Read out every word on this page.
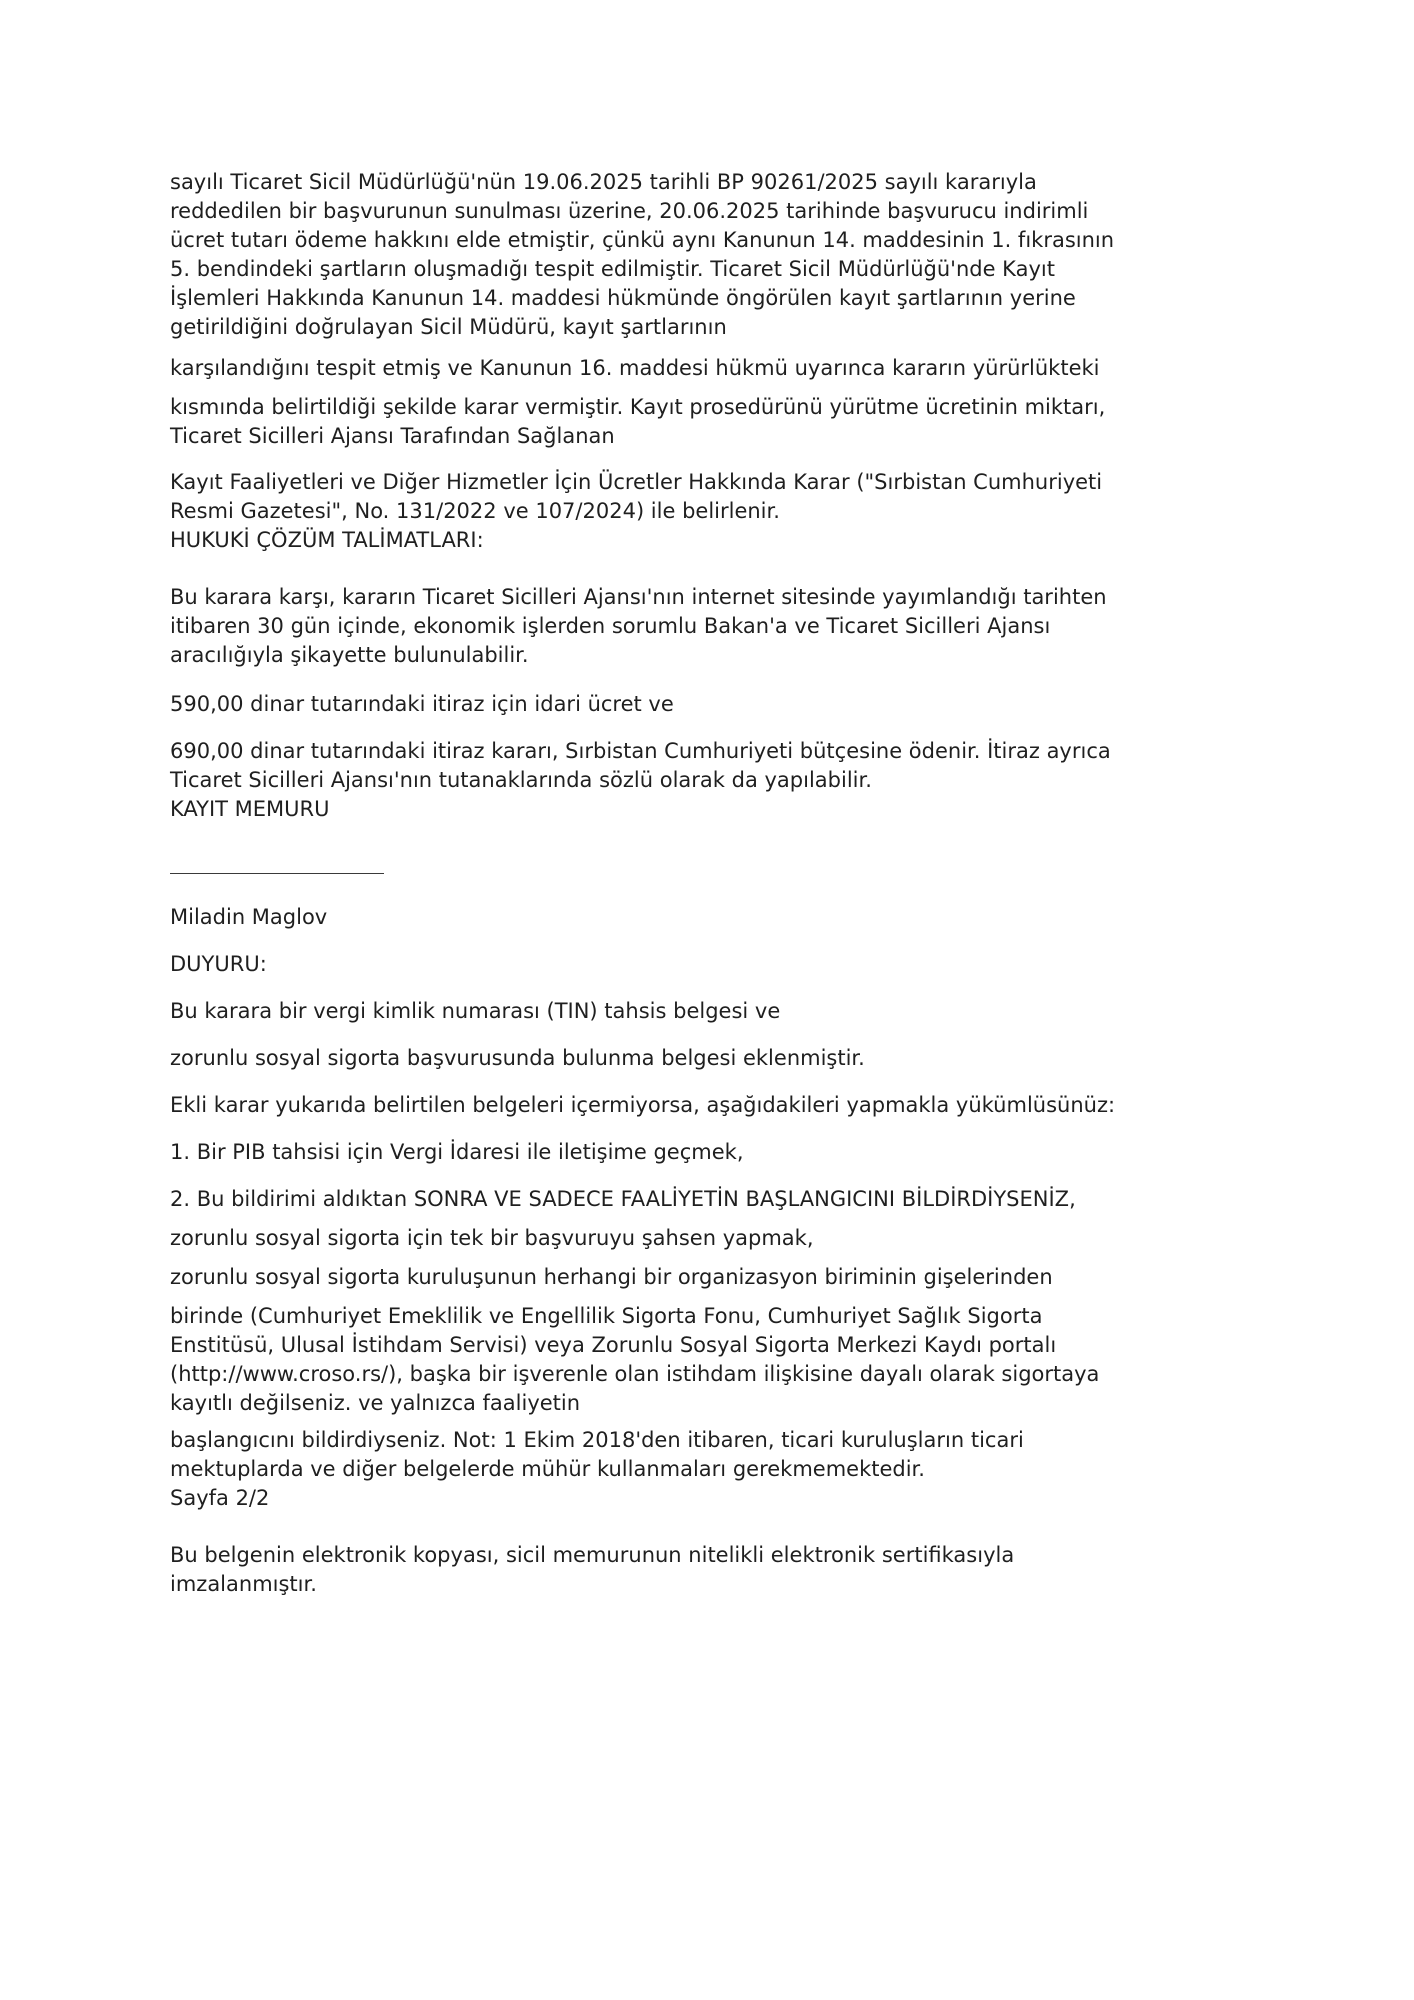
sayılı Ticaret Sicil Müdürlüğü'nün 19.06.2025 tarihli BP 90261/2025 sayılı kararıyla
reddedilen bir başvurunun sunulması üzerine, 20.06.2025 tarihinde başvurucu indirimli
ücret tutarı ödeme hakkını elde etmiştir, çünkü aynı Kanunun 14. maddesinin 1. fıkrasının
5. bendindeki şartların oluşmadığı tespit edilmiştir. Ticaret Sicil Müdürlüğü'nde Kayıt
İşlemleri Hakkında Kanunun 14. maddesi hükmünde öngörülen kayıt şartlarının yerine
getirildiğini doğrulayan Sicil Müdürü, kayıt şartlarının
karşılandığını tespit etmiş ve Kanunun 16. maddesi hükmü uyarınca kararın yürürlükteki
kısmında belirtildiği şekilde karar vermiştir. Kayıt prosedürünü yürütme ücretinin miktarı,
Ticaret Sicilleri Ajansı Tarafından Sağlanan
Kayıt Faaliyetleri ve Diğer Hizmetler İçin Ücretler Hakkında Karar ("Sırbistan Cumhuriyeti
Resmi Gazetesi", No. 131/2022 ve 107/2024) ile belirlenir.
HUKUKİ ÇÖZÜM TALİMATLARI:
Bu karara karşı, kararın Ticaret Sicilleri Ajansı'nın internet sitesinde yayımlandığı tarihten
itibaren 30 gün içinde, ekonomik işlerden sorumlu Bakan'a ve Ticaret Sicilleri Ajansı
aracılığıyla şikayette bulunulabilir.
590,00 dinar tutarındaki itiraz için idari ücret ve
690,00 dinar tutarındaki itiraz kararı, Sırbistan Cumhuriyeti bütçesine ödenir. İtiraz ayrıca
Ticaret Sicilleri Ajansı'nın tutanaklarında sözlü olarak da yapılabilir.
KAYIT MEMURU
Miladin Maglov
DUYURU:
Bu karara bir vergi kimlik numarası (TIN) tahsis belgesi ve
zorunlu sosyal sigorta başvurusunda bulunma belgesi eklenmiştir.
Ekli karar yukarıda belirtilen belgeleri içermiyorsa, aşağıdakileri yapmakla yükümlüsünüz:
1. Bir PIB tahsisi için Vergi İdaresi ile iletişime geçmek,
2. Bu bildirimi aldıktan SONRA VE SADECE FAALİYETİN BAŞLANGICINI BİLDİRDİYSENİZ,
zorunlu sosyal sigorta için tek bir başvuruyu şahsen yapmak,
zorunlu sosyal sigorta kuruluşunun herhangi bir organizasyon biriminin gişelerinden
birinde (Cumhuriyet Emeklilik ve Engellilik Sigorta Fonu, Cumhuriyet Sağlık Sigorta
Enstitüsü, Ulusal İstihdam Servisi) veya Zorunlu Sosyal Sigorta Merkezi Kaydı portalı
(http://www.croso.rs/), başka bir işverenle olan istihdam ilişkisine dayalı olarak sigortaya
kayıtlı değilseniz. ve yalnızca faaliyetin
başlangıcını bildirdiyseniz. Not: 1 Ekim 2018'den itibaren, ticari kuruluşların ticari
mektuplarda ve diğer belgelerde mühür kullanmaları gerekmemektedir.
Sayfa 2/2
Bu belgenin elektronik kopyası, sicil memurunun nitelikli elektronik sertifikasıyla
imzalanmıştır.
